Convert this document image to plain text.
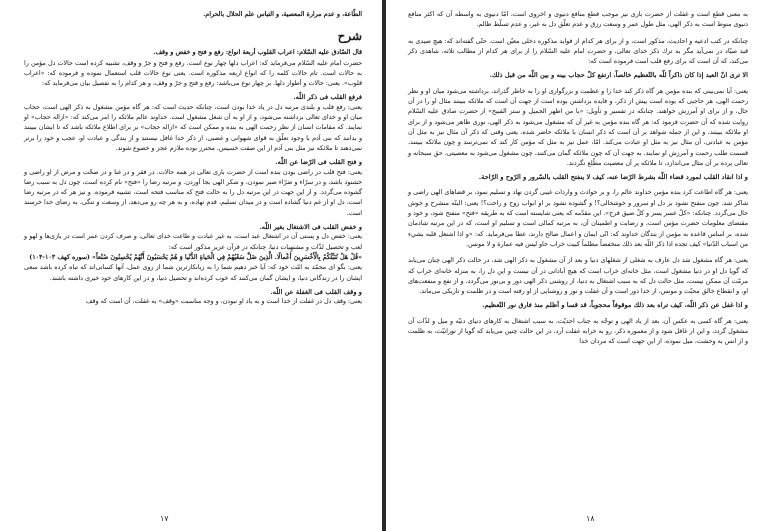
الطّاعة، و عدم مرارة المعصية، و التباس علم الحلال بالحرام.

شرح

قال الصّادق عليه السّلام: اعراب القلوب أربعة انواع: رفع و فتح و خفض و وقف.

حضرت امام عليه السّلام مى‌فرمايد كه: اعراب دلها چهار نوع است. رفع و فتح و جرّ و وقف، تشبيه كرده است حالات دل مؤمن را به حالات است. تام حالات كلمه را كه انواع اربعه مذكوره است. يعنى نوع حالات قلب استعمال نموده و فرموده كه: «اعراب قلوب». يعنى: حالات و أطوار دلها. بر چهار نوع مى‌باشد: رفع و فتح و جرّ و وقف، و هر كدام را به تفصيل بيان مى‌فرمايد كه:

فرفع القلب فى ذكر اللّه.

يعنى: رفع قلب و بلندى مرتبه دل در ياد خدا بودن است، چنانكه حديث است كه: هر گاه مؤمن مشغول به ذكر الهى است، حجاب ميان او و خداى تعالى برداشته مى‌شود، و از او به آن شغل مشغول است. خداوند عالم ملائكه را امر مى‌كند كه: «ازاله حجاب» او نمايند. كه مقامات انسان از نظر رحمت الهى به بنده و ممكن است كه «ازاله حجاب» بر براى اطلاع ملائكه باشد كه تا ايشان ببينند و بدانند كه بنى آدم با وجود تعلّق به قواى شهوانى و غضبى، از ذكر خدا غافل نيستند و از بندگى و عبادت او، عجب و خود را برتر نمى‌دهند تا ملائكه نيز مثل بنى آدم از اين صفت خسيس، محترز بوده ملازم عجز و خضوع شوند.

و فتح القلب فى الرّضا عن اللّه.

يعنى: فتح قلب در راضى بودن بنده است از حضرت بارى تعالى در همه حالات. در فقر و در غنا و در صحّت و مرض از او راضى و خشنود باشد، و در سرّاء و ضرّاء صبر نمودن، و شكر الهى بجا آوردن. و مرتبه رضا را «فتح» نام كرده است، چون دل به سبب رضا گشوده مى‌گردد. و از اين جهت در اين مرتبه دل را به حالت فتح كه مناسب فتحه است، تشبيه فرموده. و نيز هر كه در مرتبه رضا است، دل او از غم دنيا گشاده است و در ميدان تسليم، قدم نهاده، و به هر چه رو مى‌دهد، از وسعت و تنگى، به رضاى خدا خرسند است.

و خفض القلب فى الاشتغال بغير اللّه.

يعنى: خفض دل و پستى آن در اشتغال عبد است، به غير عبادت و طاعت خداى تعالى، و صرف كردن عمر است در بازى‌ها و لهو و لعب و تحصيل لذّات و مشتهيات دنيا، چنانكه در قرآن عزيز مذكور است كه:

«قُلْ هَلْ نُنَبِّئُكُمْ بِالْأَخْسَرِينَ أَعْمالًا. الَّذِينَ ضَلَّ سَعْيُهُمْ فِي الْحَياةِ الدُّنْيا وَ هُمْ يَحْسَبُونَ أَنَّهُمْ يُحْسِنُونَ صُنْعاً» (سوره كهف ۱۰۳-۱۰۴)

يعنى: بگو اى محمّد به امّت خود كه: آيا خبر دهيم شما را به زيانكارترين شما از روى عمل، آنها كسانى‌اند كه تباه كرده باشد سعى ايشان را در زندگانى دنيا، و ايشان گمان مى‌كنند كه خوب كرده‌اند و تحصيل دنيا، و در اين كارهاى خود خيرى داشته باشند.

و وقف القلب فى الغفلة عن اللّه.

يعنى: وقف دل در غفلت از خدا است و به ياد او نبودن، و وجه مناسبت «وقف» به غفلت، آن است كه وقف

۱۷

به معنى قطع است و غفلت از حضرت بارى نيز موجب قطع منافع دنيوى و اخروى است، امّا دنيوى به واسطه آن كه اكثر منافع دنيوى منوط است به ذكر الهى، مثل طول عمر و وسعت رزق و عدم تعلّق دل به غير، و عدم تسلّط ظالم.

چنانكه در كتب ادعيه و احاديث، مذكور است، و از براى هر كدام از فوايد مذكوره دخلى معيّن است. حتّى گفته‌اند كه: هيچ صيدى به قيد صيّاد در نمى‌آيد مگر به ترك ذكر خداى تعالى، و حضرت امام عليه السّلام را از براى هر كدام از مطالب ثلاثه، شاهدى ذكر مى‌كند، كه آن است كه براى رفع قلب است فرموده است كه:

الا ترى انّ العبد إذا كان ذاكراً للّه بالتّعظيم خالصاً، ارتفع كلّ حجاب بينه و بين اللّه من قبل ذلك.

يعنى: آيا نمى‌بينى كه بنده مؤمن هر گاه ذكر كند خدا را و عظمت و بزرگوارى او را به خاطر گذراند، برداشته مى‌شود ميان او و نظر رحمت الهى، هر حاجبى كه بوده است پيش از ذكر، و فايده برداشتن بوده است از جهت آن است كه ملائكه ببينند مثال او را در آن حال، و از براى او آمرزش خواهند. چنانكه در تفسير و تأويل: «يا من اظهر الجميل و ستر القبيح» از حضرت صادق عليه السّلام روايت شده كه آن حضرت فرمود كه: هر گاه بنده مؤمن به غير آن كه مشغول مى‌شود به ذكر الهى، نورى ظاهر مى‌شود و از براى او ملائكه ببينند، و اين از جمله شواهد بر آن است كه ذكر انسان با ملائكه حاضر شده، يعنى وقتى كه ذكر آن مثال نيز به مثل آن مؤمن به عبادتى، آن مثال نيز به مثل او عبادت مى‌كند. امّا، عمل نيز به مثل كه مؤمن كار كند كه نمى‌ترسد و چون ملائكه ببينند، قسمت طلب رحمت و آمرزش او نمايند. به جهت آن كه چون ملائكه گمان مى‌كنند، چون مشغول مى‌شود به معصيتى، حق سبحانه و تعالى پرده بر آن مثال مى‌اندازد، تا ملائكه پر آن معصيت مطّلع نگردند.

و اذا انقاد القلب لمورد قضاء اللّه بشرط الرّضا عنه، كيف لا ينفتح القلب بالسّرور و الرّوح و الرّاحة.

يعنى: هر گاه اطاعت كرد بنده مؤمن خداوند عالم را، و بر حوادث و واردات غيبى گردن نهاد و تسليم نمود، بر قضاهاى الهى راضى و شاكر شد. چون منفتح نشود بر دل او سرور و خوشحالى؟! و گشوده نشود بر او ابواب روح و راحت؟! يعنى: البتّه منشرح و خوش حال مى‌گردد. چنانكه: «كلّ عسر يسر و كلّ ضيق فرج». اين مقدّمه كه يعنى شايسته است كه به طريقه «فتح» منفتح شود، و خود و مقتضاى معلومات حضرت مؤمن است، و رضايت و اطمينان آن، به مرتبه كمالى است و تسليم او است، كه در اين مرتبه شادمان شده، بر اساس قاعده به مؤمن از بندگان خداوند كه: انّى ايمان و اعمال صالح دارند، عطا مى‌فرمايد. كه: «و اذا اشتغل قلبه بشيء من اسباب الدّنيا» كيف تجده اذا ذكر اللّه بعد ذلك منخفضاً مظلماً كبيت خراب خاو ليس فيه عمارة و لا مونس.

يعنى: هر گاه مشغول شد دل عارف به شغلى از شغلهاى دنيا و بعد از آن مشغول به ذكر الهى شد، در حالت ذكر الهى چنان مى‌يابد كه گويا دل او در دنيا مشغول است، مثل خانه‌اى خراب است كه هيچ آبادانى در آن نيست و اين دل را، به منزله خانه‌اى خراب كه مرمّت آن ممكن نيست، مثل حالت دل كه به سبب اشتغال به دنيا، از روشنى ذكر الهى دور و بى‌نور مى‌گردد، و از نفع و منفعت‌هاى او، و انقطاع خالق محبّت و مونس، از خدا دور است و آن غفلت و نور و روشنايى از او رفته است و در ظلمت و تاريكى مى‌ماند.

و اذا غفل عن ذكر اللّه، كيف تراه بعد ذلك موقوفاً محجوباً، قد قسا و أظلم منذ فارق نور التّعظيم.

يعنى: هر گاه كسى به عكس آن، بعد از ياد الهى و توجّه به جناب احديّت، به سبب اشتغال به كارهاى دنياى دنيّه و ميل و لذّات آن مشغول گردد، و اين از غافل شود و از معموره ذكر، رو به خرابه غفلت آرد، در اين حالت چنين مى‌يابد كه گويا از نورانيّت، به ظلمت و از انس به وحشت، ميل نموده، از اين جهت است كه مردان خدا

۱۸
